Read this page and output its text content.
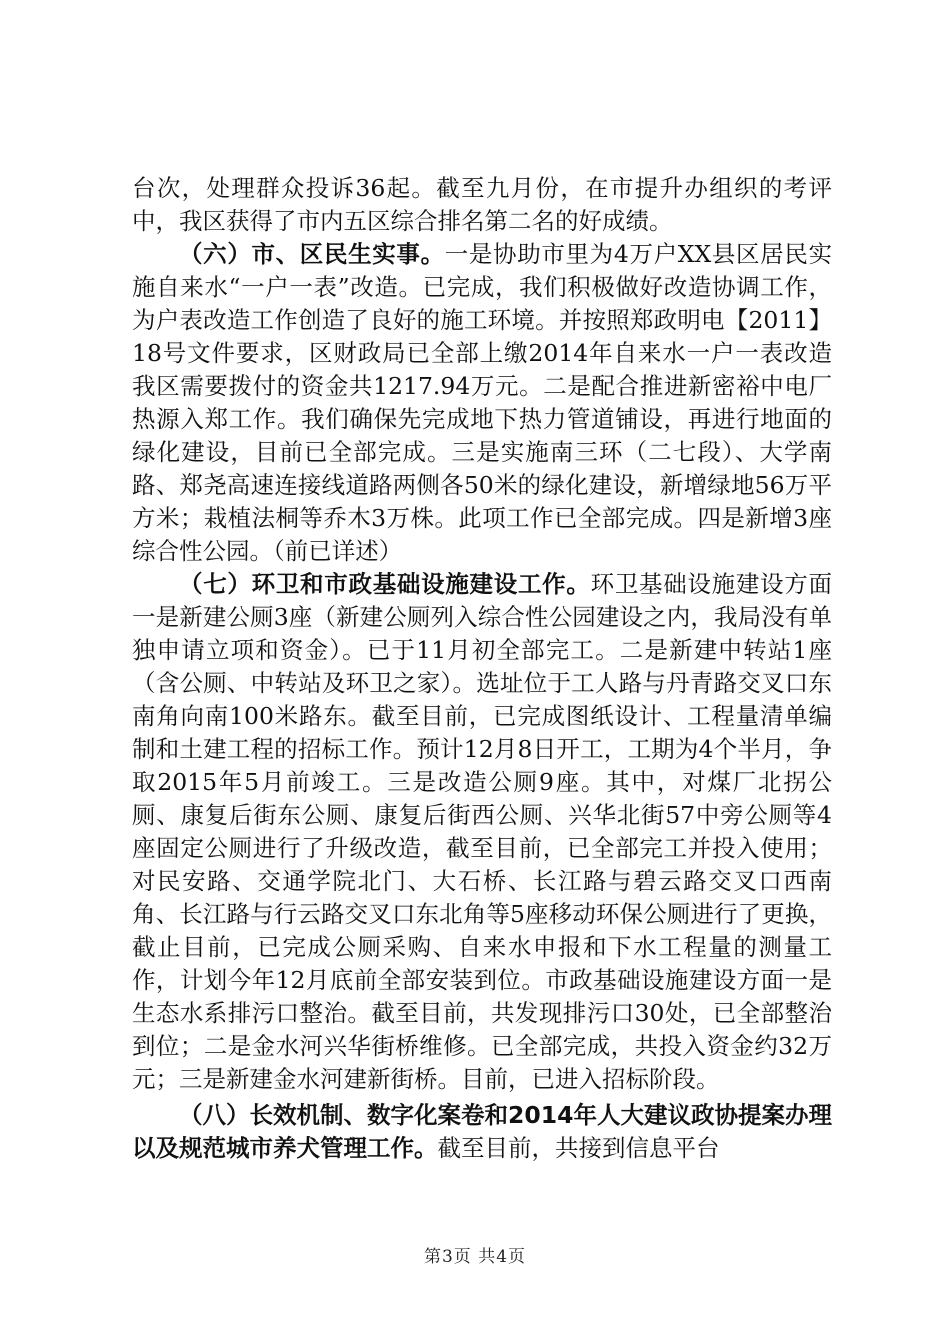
台次，处理群众投诉36起。截至九月份，在市提升办组织的考评中，我区获得了市内五区综合排名第二名的好成绩。

（六）市、区民生实事。一是协助市里为4万户XX县区居民实施自来水“一户一表”改造。已完成，我们积极做好改造协调工作，为户表改造工作创造了良好的施工环境。并按照郑政明电【2011】18号文件要求，区财政局已全部上缴2014年自来水一户一表改造我区需要拨付的资金共1217.94万元。二是配合推进新密裕中电厂热源入郑工作。我们确保先完成地下热力管道铺设，再进行地面的绿化建设，目前已全部完成。三是实施南三环（二七段）、大学南路、郑尧高速连接线道路两侧各50米的绿化建设，新增绿地56万平方米；栽植法桐等乔木3万株。此项工作已全部完成。四是新增3座综合性公园。（前已详述）

（七）环卫和市政基础设施建设工作。环卫基础设施建设方面一是新建公厕3座（新建公厕列入综合性公园建设之内，我局没有单独申请立项和资金）。已于11月初全部完工。二是新建中转站1座（含公厕、中转站及环卫之家）。选址位于工人路与丹青路交叉口东南角向南100米路东。截至目前，已完成图纸设计、工程量清单编制和土建工程的招标工作。预计12月8日开工，工期为4个半月，争取2015年5月前竣工。三是改造公厕9座。其中，对煤厂北拐公厕、康复后街东公厕、康复后街西公厕、兴华北街57中旁公厕等4座固定公厕进行了升级改造，截至目前，已全部完工并投入使用；对民安路、交通学院北门、大石桥、长江路与碧云路交叉口西南角、长江路与行云路交叉口东北角等5座移动环保公厕进行了更换，截止目前，已完成公厕采购、自来水申报和下水工程量的测量工作，计划今年12月底前全部安装到位。市政基础设施建设方面一是生态水系排污口整治。截至目前，共发现排污口30处，已全部整治到位；二是金水河兴华街桥维修。已全部完成，共投入资金约32万元；三是新建金水河建新街桥。目前，已进入招标阶段。

（八）长效机制、数字化案卷和2014年人大建议政协提案办理以及规范城市养犬管理工作。截至目前，共接到信息平台

第3页 共4页
